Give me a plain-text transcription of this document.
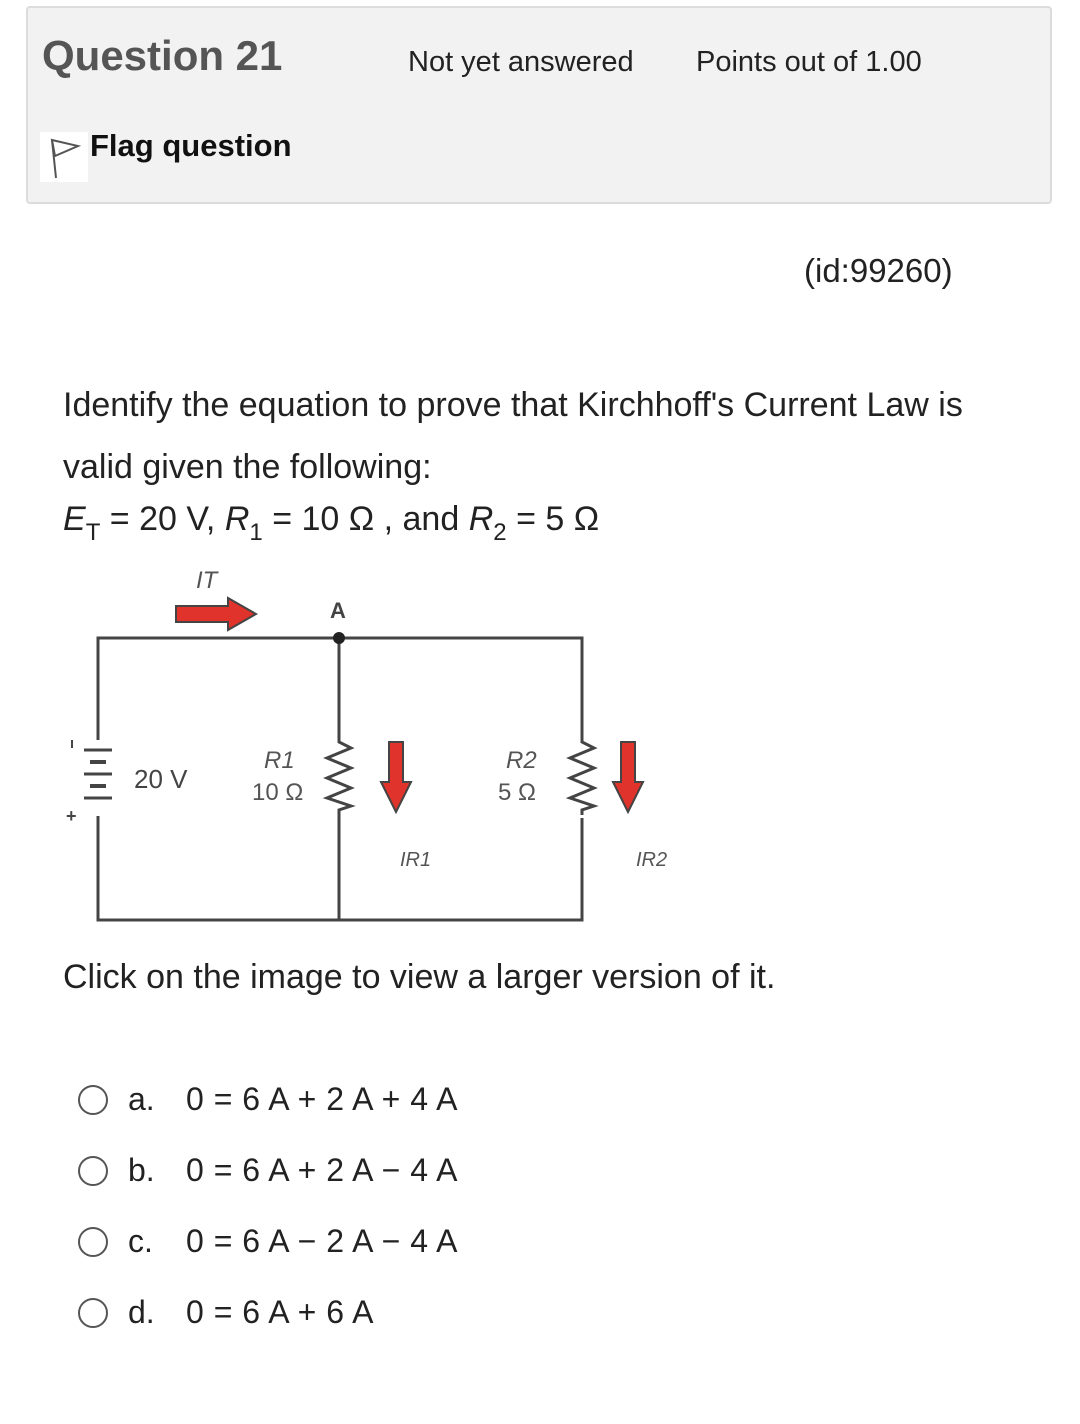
Question 21	Not yet answered Points out of 1.00
Flag question
(id:99260)
Identify the equation to prove that Kirchhoff's Current Law is valid given the following:
$E_T = 20$ V, $R_1 = 10$ Ω , and $R_2 = 5$ Ω
IT
A
+
20 V
R1
10 Ω
IR1
R2
5 Ω
IR2
Click on the image to view a larger version of it.
a. 0 = 6 A + 2 A + 4 A
b. 0 = 6 A + 2 A − 4 A
c.	0 = 6 A − 2 A − 4 A
d. 0 = 6 A + 6 A
